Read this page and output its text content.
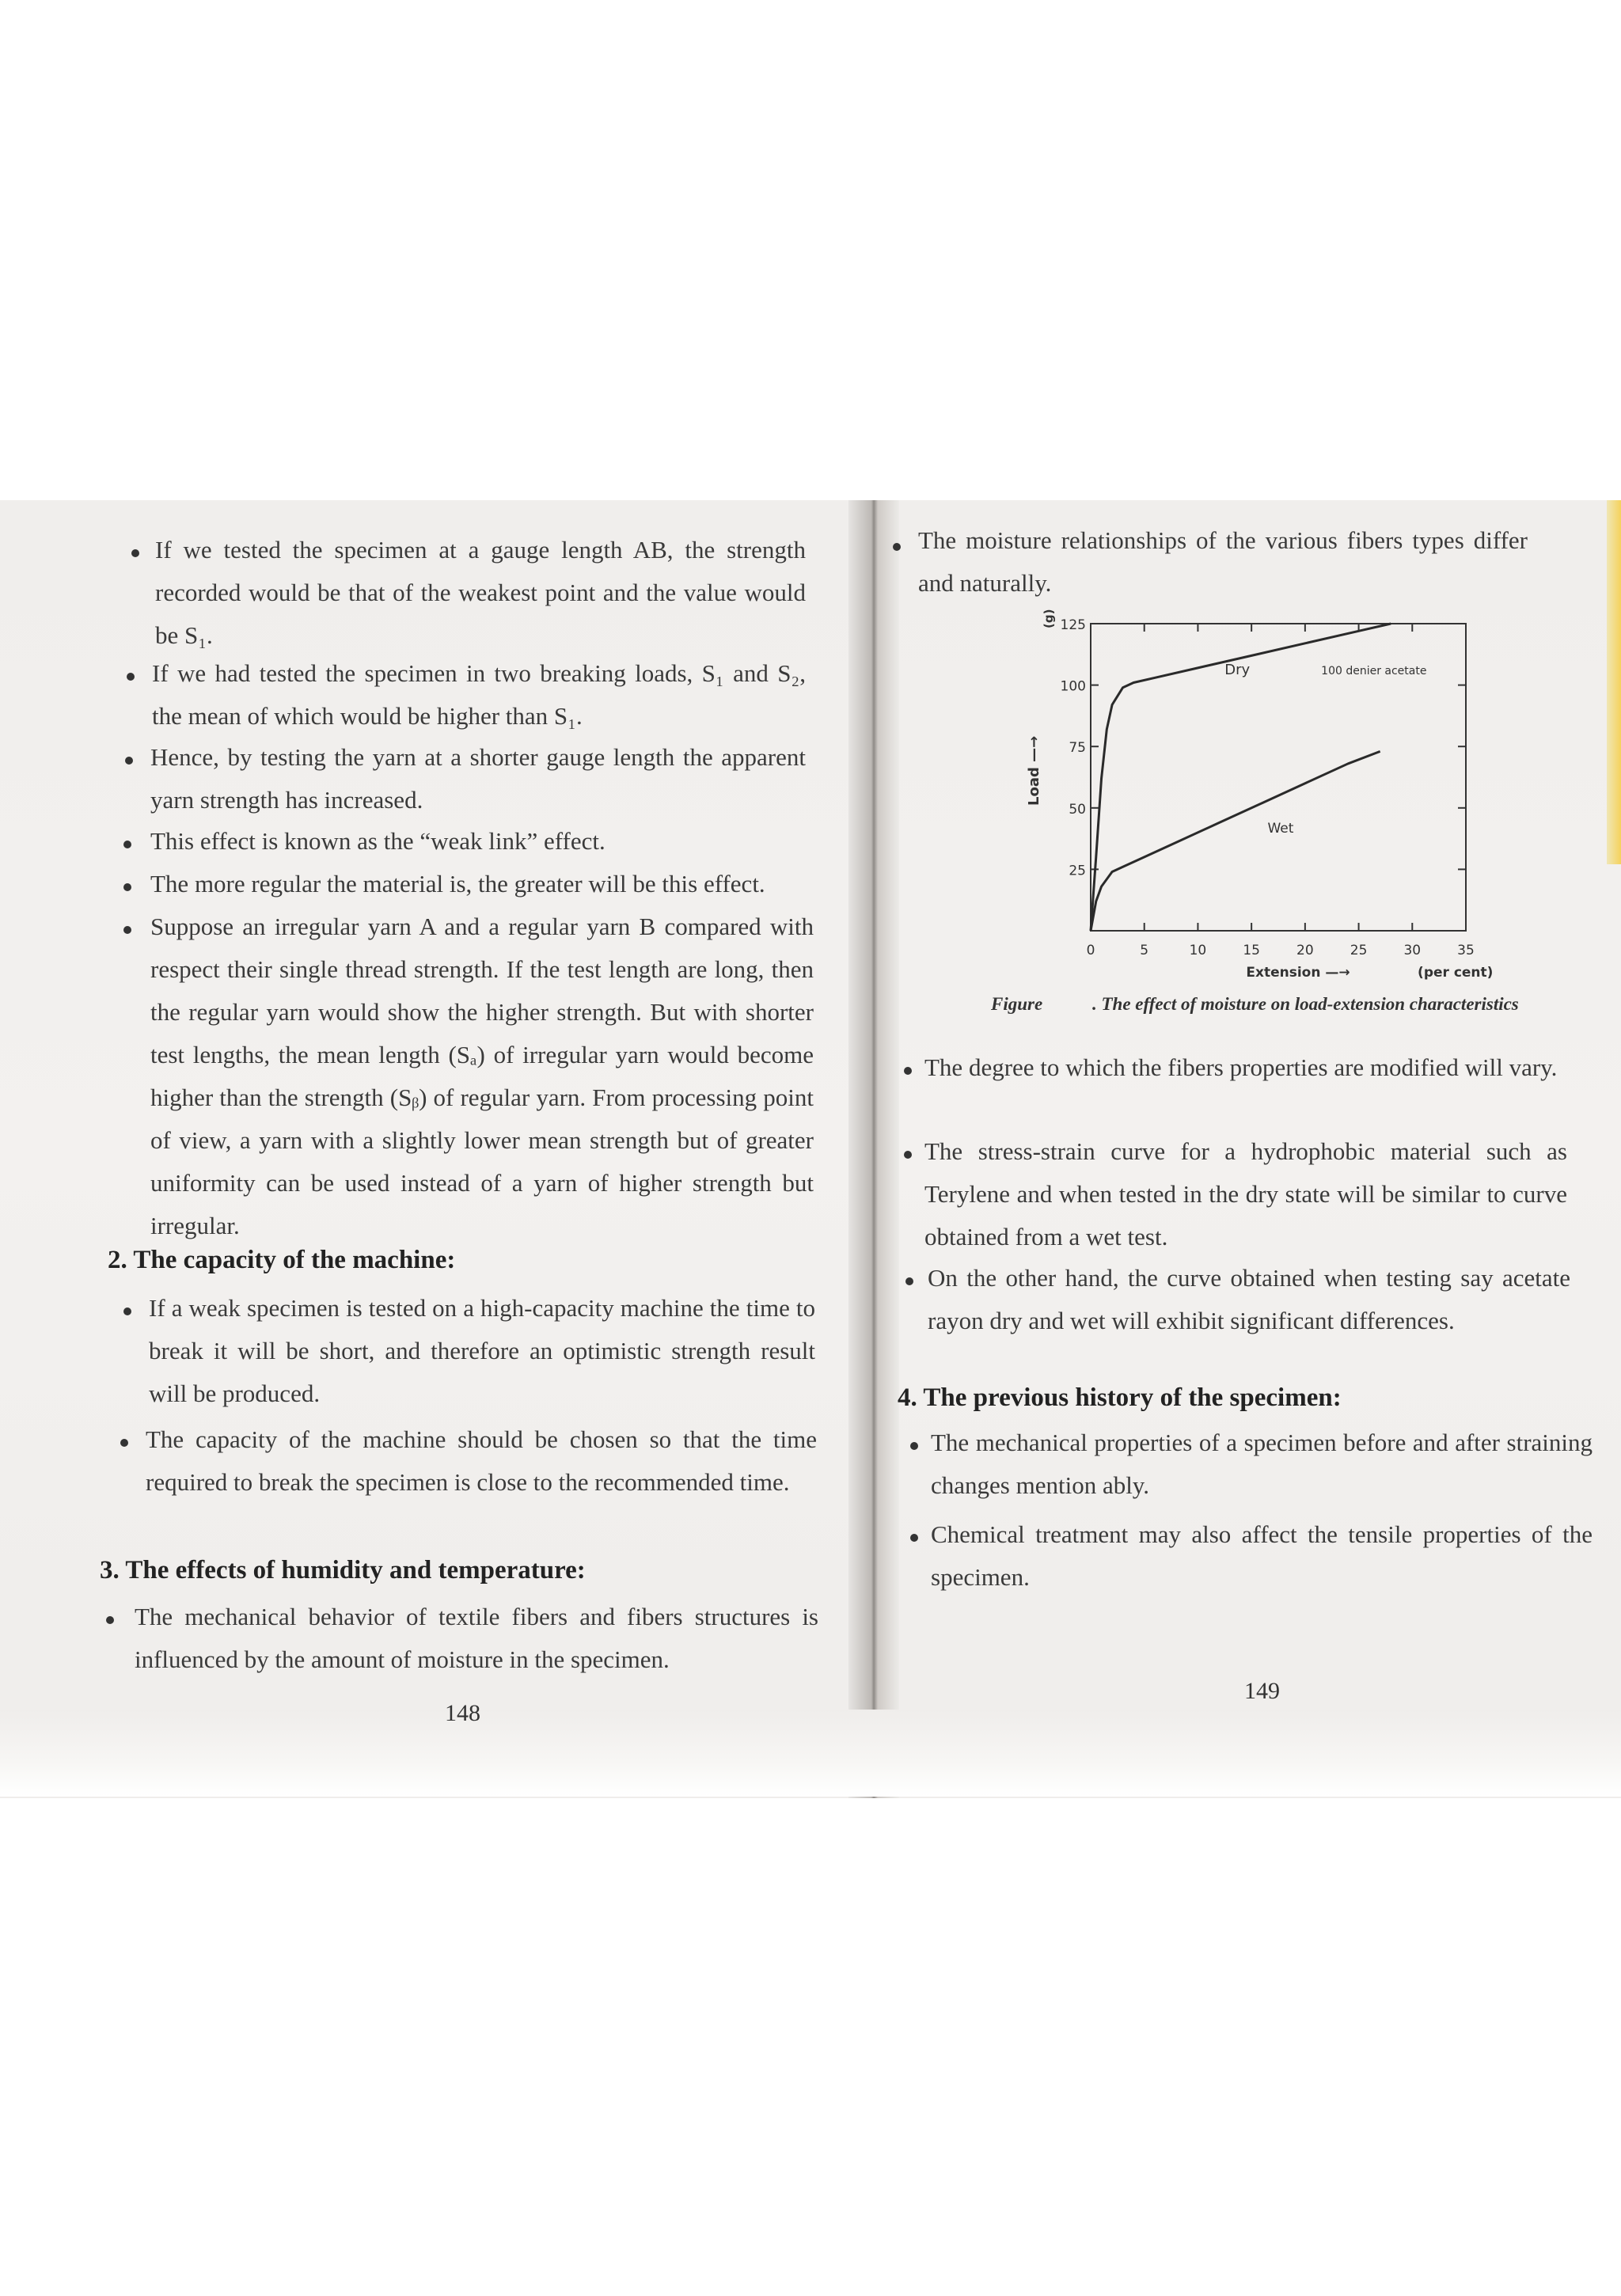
If we tested the specimen at a gauge length AB, the strength recorded would be that of the weakest point and the value would be S₁.
If we had tested the specimen in two breaking loads, S₁ and S₂, the mean of which would be higher than S₁.
Hence, by testing the yarn at a shorter gauge length the apparent yarn strength has increased.
This effect is known as the “weak link” effect.
The more regular the material is, the greater will be this effect.
Suppose an irregular yarn A and a regular yarn B compared with respect their single thread strength. If the test length are long, then the regular yarn would show the higher strength. But with shorter test lengths, the mean length (Sₐ) of irregular yarn would become higher than the strength (Sᵦ) of regular yarn. From processing point of view, a yarn with a slightly lower mean strength but of greater uniformity can be used instead of a yarn of higher strength but irregular.
2. The capacity of the machine:
If a weak specimen is tested on a high-capacity machine the time to break it will be short, and therefore an optimistic strength result will be produced.
The capacity of the machine should be chosen so that the time required to break the specimen is close to the recommended time.
3. The effects of humidity and temperature:
The mechanical behavior of textile fibers and fibers structures is influenced by the amount of moisture in the specimen.
148
The moisture relationships of the various fibers types differ and naturally.
25
50
75
100
125
0	5	10	15	20	25	30	35
Dry
Wet
100 denier acetate
Extension —→	(per cent)
Load —→
(g)
Figure	. The effect of moisture on load-extension characteristics
The degree to which the fibers properties are modified will vary.
The stress-strain curve for a hydrophobic material such as Terylene and when tested in the dry state will be similar to curve obtained from a wet test.
On the other hand, the curve obtained when testing say acetate rayon dry and wet will exhibit significant differences.
4. The previous history of the specimen:
The mechanical properties of a specimen before and after straining changes mention ably.
Chemical treatment may also affect the tensile properties of the specimen.
149
